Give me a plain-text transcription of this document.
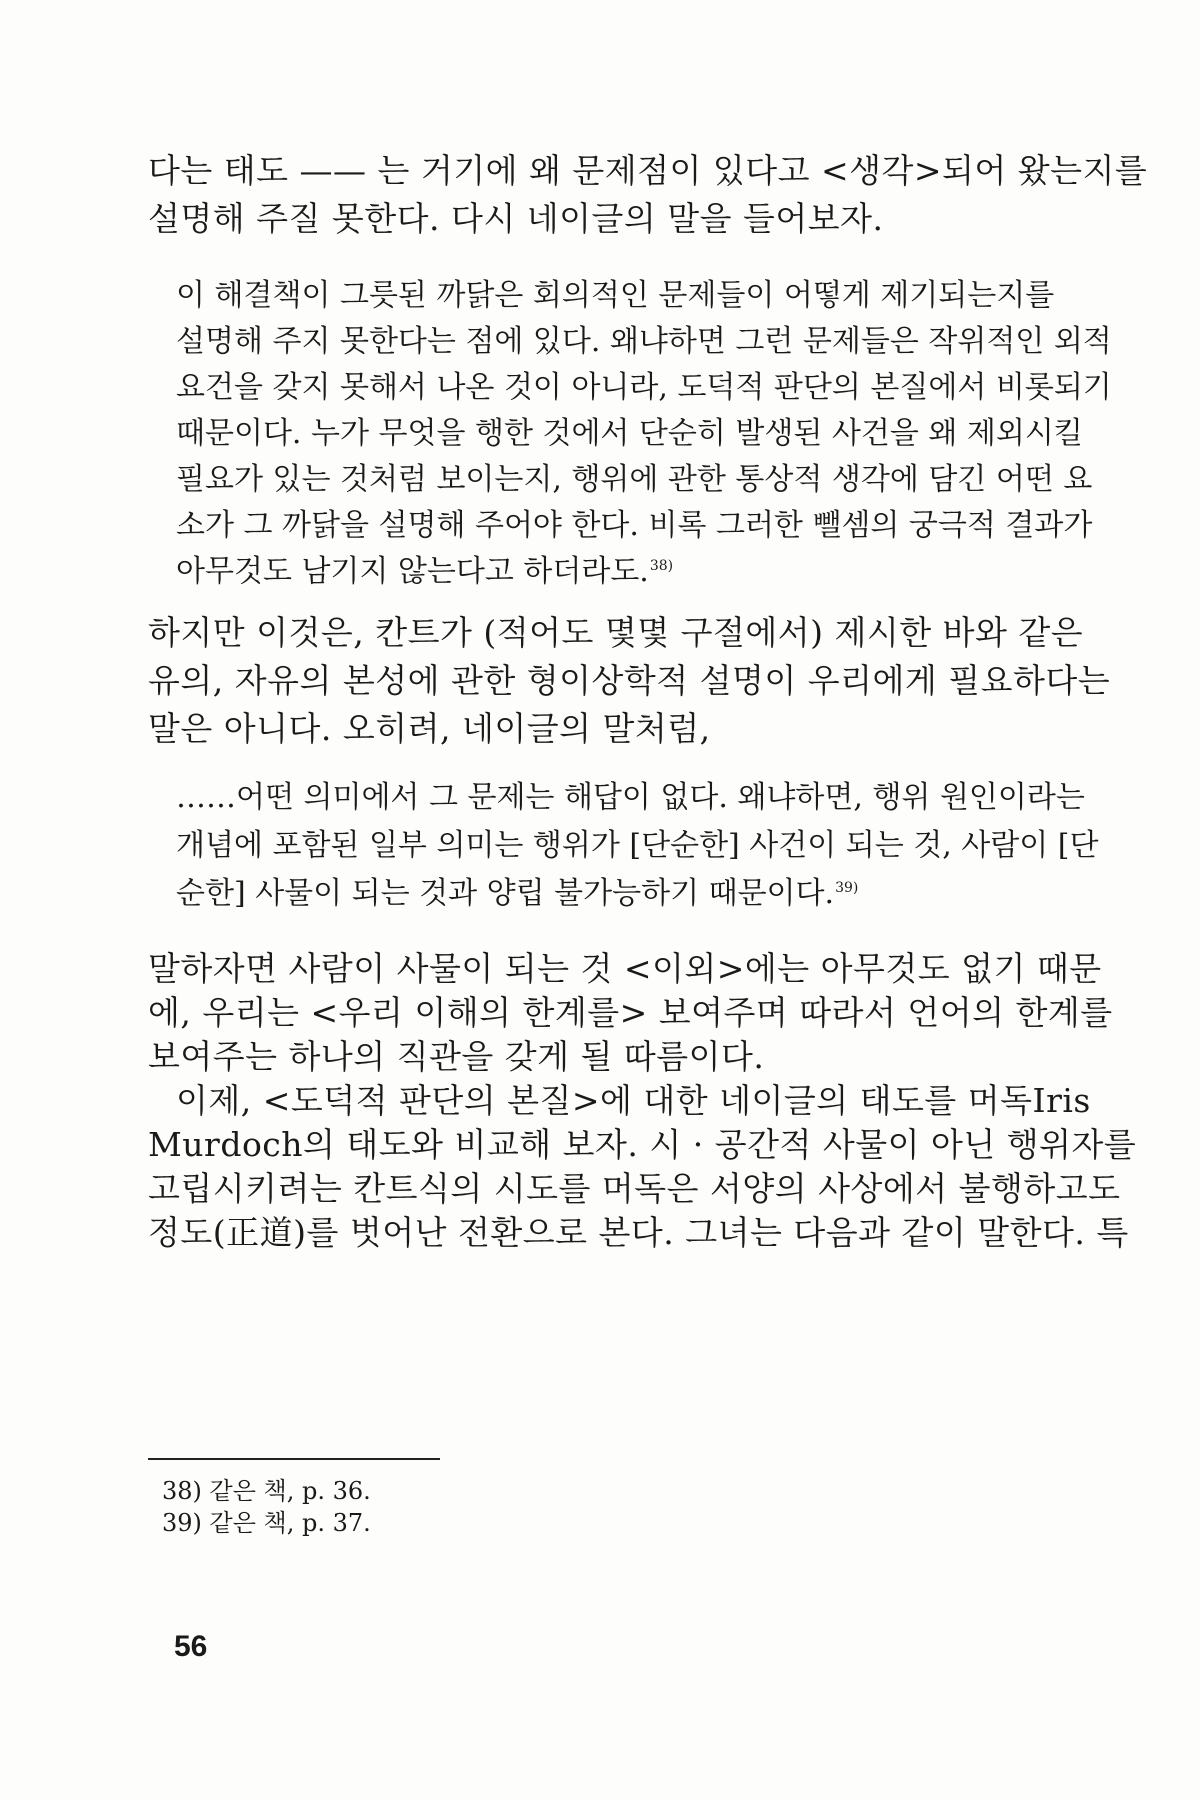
다는 태도 —— 는 거기에 왜 문제점이 있다고 <생각>되어 왔는지를
설명해 주질 못한다. 다시 네이글의 말을 들어보자.
이 해결책이 그릇된 까닭은 회의적인 문제들이 어떻게 제기되는지를
설명해 주지 못한다는 점에 있다. 왜냐하면 그런 문제들은 작위적인 외적
요건을 갖지 못해서 나온 것이 아니라, 도덕적 판단의 본질에서 비롯되기
때문이다. 누가 무엇을 행한 것에서 단순히 발생된 사건을 왜 제외시킬
필요가 있는 것처럼 보이는지, 행위에 관한 통상적 생각에 담긴 어떤 요
소가 그 까닭을 설명해 주어야 한다. 비록 그러한 뺄셈의 궁극적 결과가
아무것도 남기지 않는다고 하더라도.$^{38)}$
하지만 이것은, 칸트가 (적어도 몇몇 구절에서) 제시한 바와 같은
유의, 자유의 본성에 관한 형이상학적 설명이 우리에게 필요하다는
말은 아니다. 오히려, 네이글의 말처럼,
……어떤 의미에서 그 문제는 해답이 없다. 왜냐하면, 행위 원인이라는
개념에 포함된 일부 의미는 행위가 [단순한] 사건이 되는 것, 사람이 [단
순한] 사물이 되는 것과 양립 불가능하기 때문이다.$^{39)}$
말하자면 사람이 사물이 되는 것 <이외>에는 아무것도 없기 때문
에, 우리는 <우리 이해의 한계를> 보여주며 따라서 언어의 한계를
보여주는 하나의 직관을 갖게 될 따름이다.
이제, <도덕적 판단의 본질>에 대한 네이글의 태도를 머독Iris
Murdoch의 태도와 비교해 보자. 시 · 공간적 사물이 아닌 행위자를
고립시키려는 칸트식의 시도를 머독은 서양의 사상에서 불행하고도
정도(正道)를 벗어난 전환으로 본다. 그녀는 다음과 같이 말한다. 특
38) 같은 책, p. 36.
39) 같은 책, p. 37.
56
